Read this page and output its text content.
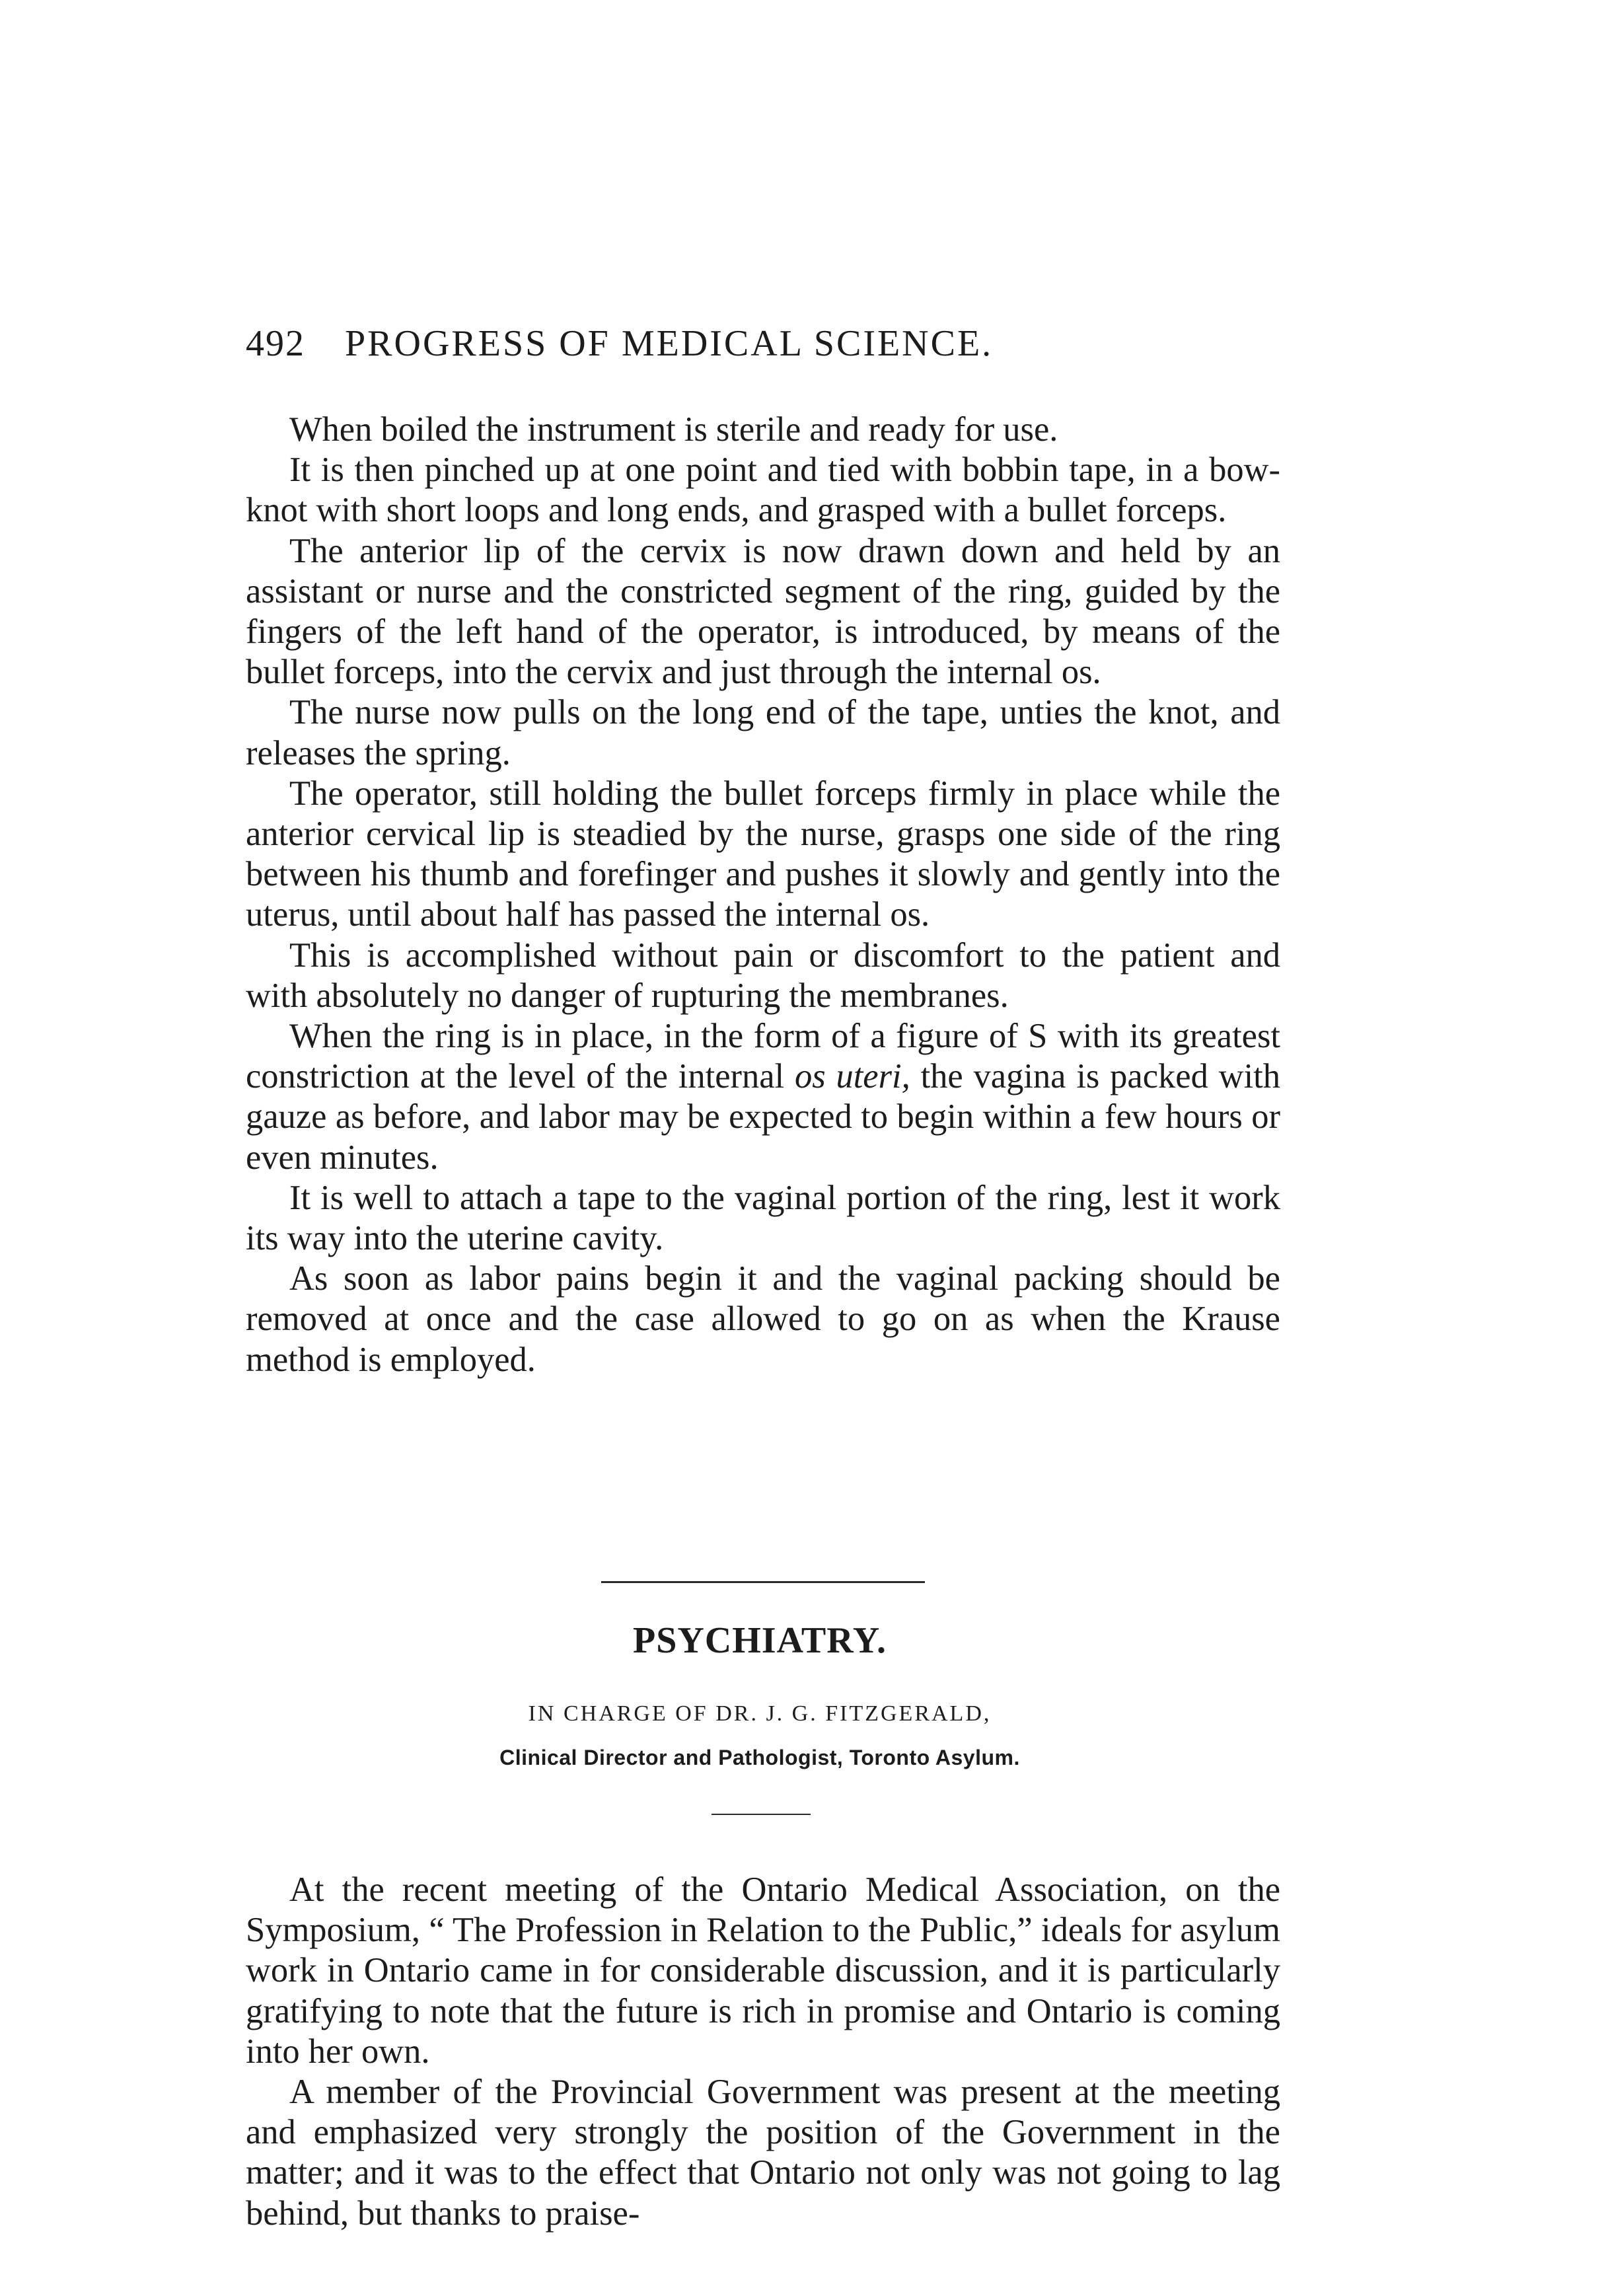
492 PROGRESS OF MEDICAL SCIENCE.

When boiled the instrument is sterile and ready for use.

It is then pinched up at one point and tied with bobbin tape, in a bow-knot with short loops and long ends, and grasped with a bullet forceps.

The anterior lip of the cervix is now drawn down and held by an assistant or nurse and the constricted segment of the ring, guided by the fingers of the left hand of the operator, is introduced, by means of the bullet forceps, into the cervix and just through the internal os.

The nurse now pulls on the long end of the tape, unties the knot, and releases the spring.

The operator, still holding the bullet forceps firmly in place while the anterior cervical lip is steadied by the nurse, grasps one side of the ring between his thumb and forefinger and pushes it slowly and gently into the uterus, until about half has passed the internal os.

This is accomplished without pain or discomfort to the patient and with absolutely no danger of rupturing the membranes.

When the ring is in place, in the form of a figure of S with its greatest constriction at the level of the internal os uteri, the vagina is packed with gauze as before, and labor may be expected to begin within a few hours or even minutes.

It is well to attach a tape to the vaginal portion of the ring, lest it work its way into the uterine cavity.

As soon as labor pains begin it and the vaginal packing should be removed at once and the case allowed to go on as when the Krause method is employed.

PSYCHIATRY.
IN CHARGE OF DR. J. G. FITZGERALD,
Clinical Director and Pathologist, Toronto Asylum.

At the recent meeting of the Ontario Medical Association, on the Symposium, “ The Profession in Relation to the Public,” ideals for asylum work in Ontario came in for considerable discussion, and it is particularly gratifying to note that the future is rich in promise and Ontario is coming into her own.

A member of the Provincial Government was present at the meeting and emphasized very strongly the position of the Government in the matter; and it was to the effect that Ontario not only was not going to lag behind, but thanks to praise-
